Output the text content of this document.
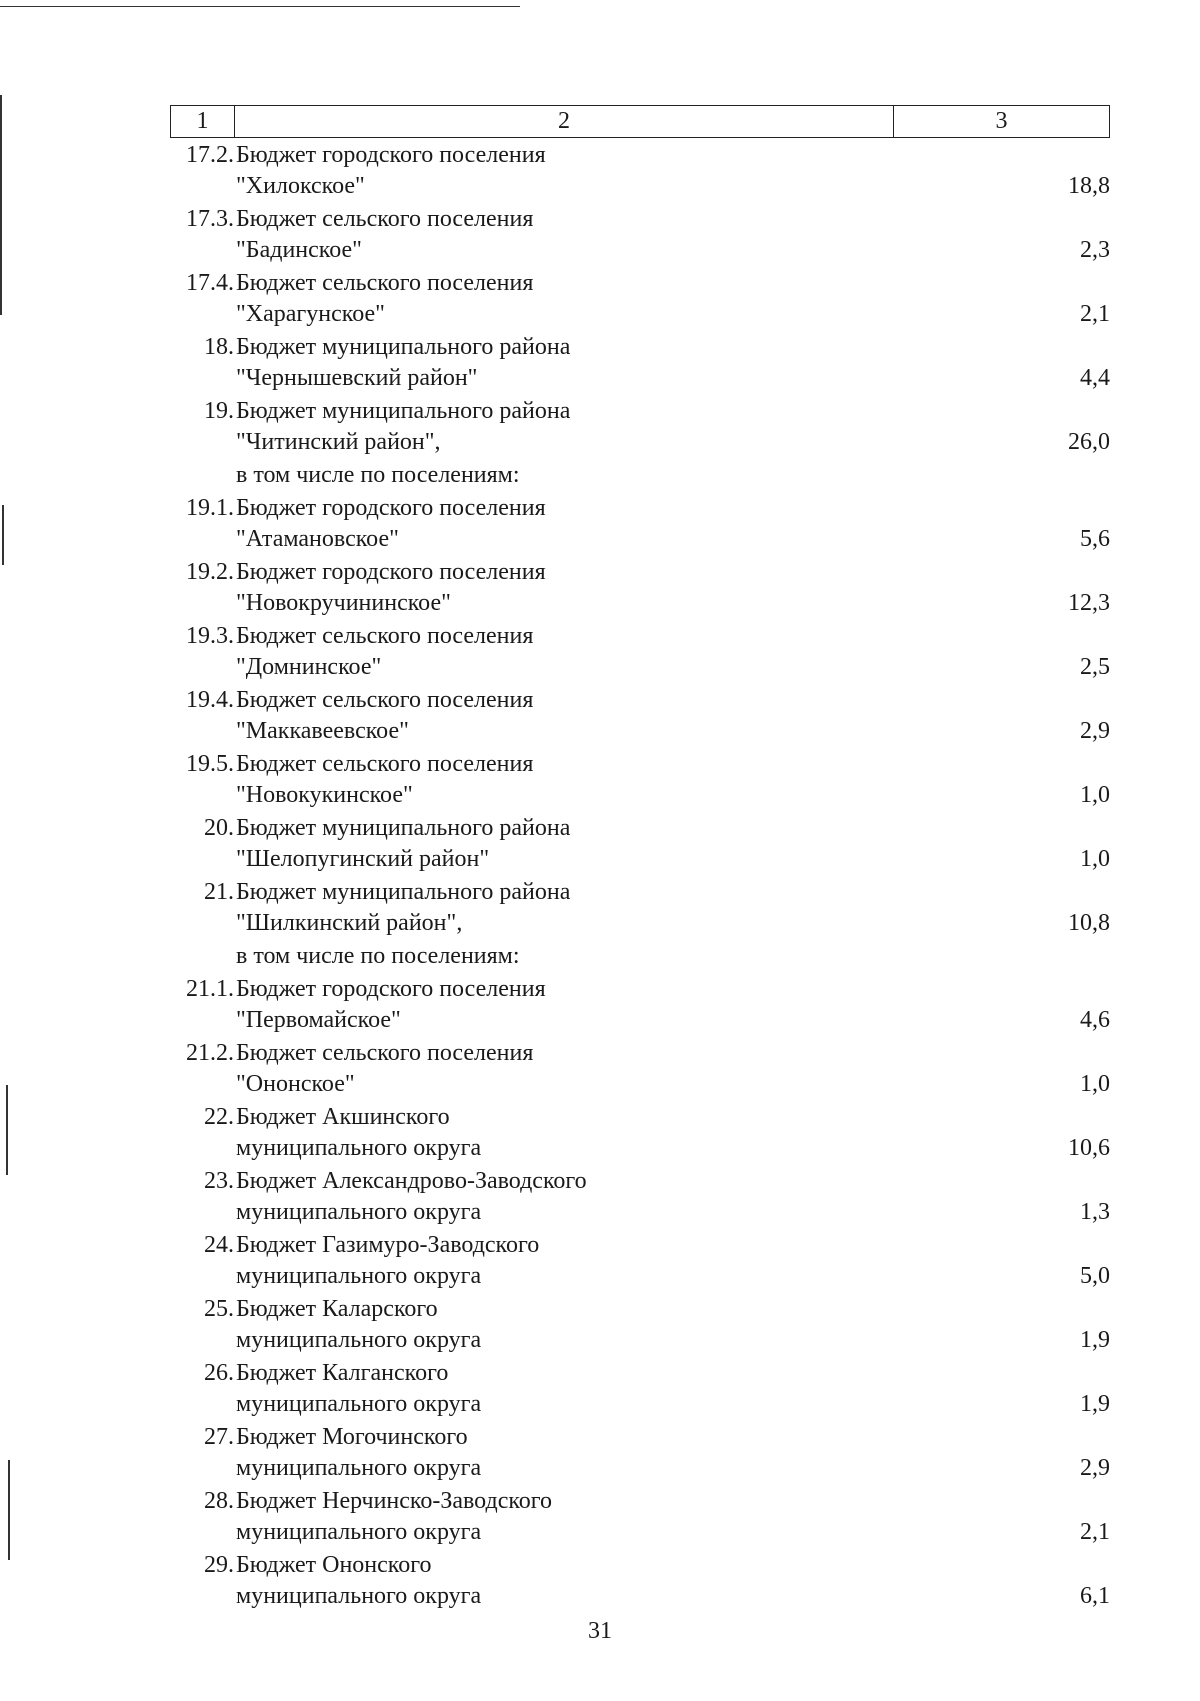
1	2	3
17.2. Бюджет городского поселения
"Хилокское"	18,8
17.3. Бюджет сельского поселения
"Бадинское"	2,3
17.4. Бюджет сельского поселения
"Харагунское"	2,1
18. Бюджет муниципального района
"Чернышевский район"	4,4
19. Бюджет муниципального района
"Читинский район",	26,0
в том числе по поселениям:
19.1. Бюджет городского поселения
"Атамановское"	5,6
19.2. Бюджет городского поселения
"Новокручининское"	12,3
19.3. Бюджет сельского поселения
"Домнинское"	2,5
19.4. Бюджет сельского поселения
"Маккавеевское"	2,9
19.5. Бюджет сельского поселения
"Новокукинское"	1,0
20. Бюджет муниципального района
"Шелопугинский район"	1,0
21. Бюджет муниципального района
"Шилкинский район",	10,8
в том числе по поселениям:
21.1. Бюджет городского поселения
"Первомайское"	4,6
21.2. Бюджет сельского поселения
"Ононское"	1,0
22. Бюджет Акшинского
муниципального округа	10,6
23. Бюджет Александрово-Заводского
муниципального округа	1,3
24. Бюджет Газимуро-Заводского
муниципального округа	5,0
25. Бюджет Каларского
муниципального округа	1,9
26. Бюджет Калганского
муниципального округа	1,9
27. Бюджет Могочинского
муниципального округа	2,9
28. Бюджет Нерчинско-Заводского
муниципального округа	2,1
29. Бюджет Ононского
муниципального округа	6,1
31
